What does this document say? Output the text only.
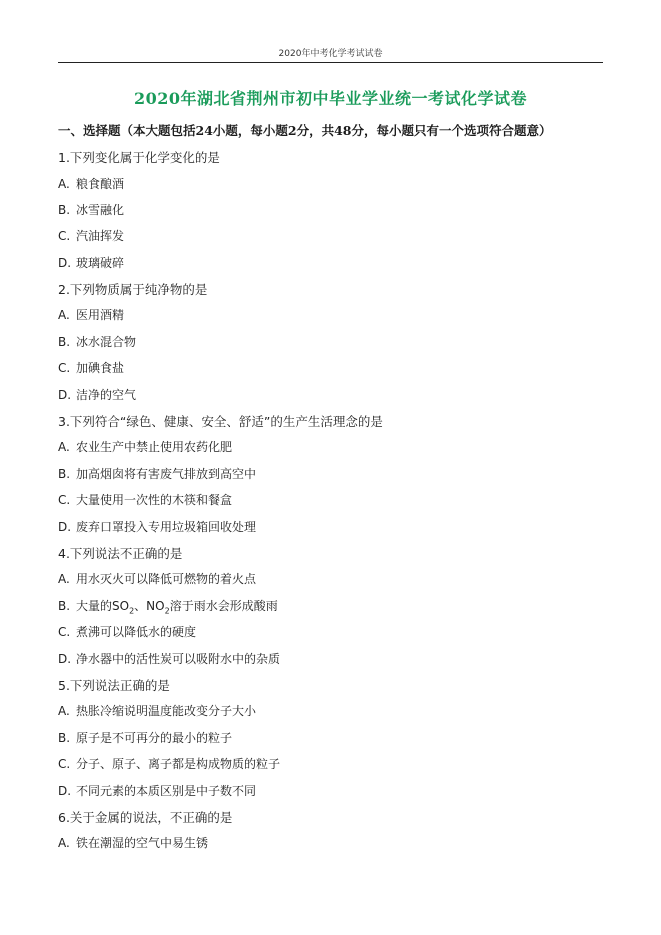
2020年中考化学考试试卷
2020年湖北省荆州市初中毕业学业统一考试化学试卷
一、选择题（本大题包括24小题，每小题2分，共48分，每小题只有一个选项符合题意）
1.下列变化属于化学变化的是
A. 粮食酿酒
B. 冰雪融化
C. 汽油挥发
D. 玻璃破碎
2.下列物质属于纯净物的是
A. 医用酒精
B. 冰水混合物
C. 加碘食盐
D. 洁净的空气
3.下列符合“绿色、健康、安全、舒适”的生产生活理念的是
A. 农业生产中禁止使用农药化肥
B. 加高烟囱将有害废气排放到高空中
C. 大量使用一次性的木筷和餐盒
D. 废弃口罩投入专用垃圾箱回收处理
4.下列说法不正确的是
A. 用水灭火可以降低可燃物的着火点
B. 大量的$SO_2$、$NO_2$溶于雨水会形成酸雨
C. 煮沸可以降低水的硬度
D. 净水器中的活性炭可以吸附水中的杂质
5.下列说法正确的是
A. 热胀冷缩说明温度能改变分子大小
B. 原子是不可再分的最小的粒子
C. 分子、原子、离子都是构成物质的粒子
D. 不同元素的本质区别是中子数不同
6.关于金属的说法，不正确的是
A. 铁在潮湿的空气中易生锈
